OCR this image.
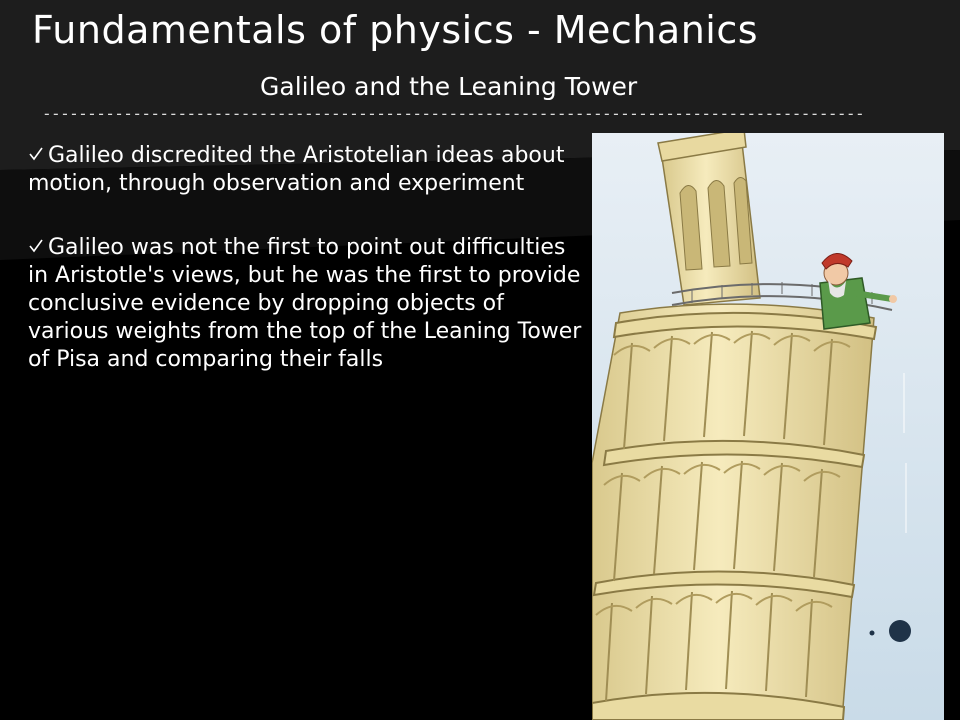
Fundamentals of physics - Mechanics
Galileo and the Leaning Tower
-------------------------------------------------------------------------------------------
Galileo discredited the Aristotelian ideas about motion, through observation and experiment
Galileo was not the first to point out difficulties in Aristotle's views, but he was the first to provide conclusive evidence by dropping objects of various weights from the top of the Leaning Tower of Pisa and comparing their falls
